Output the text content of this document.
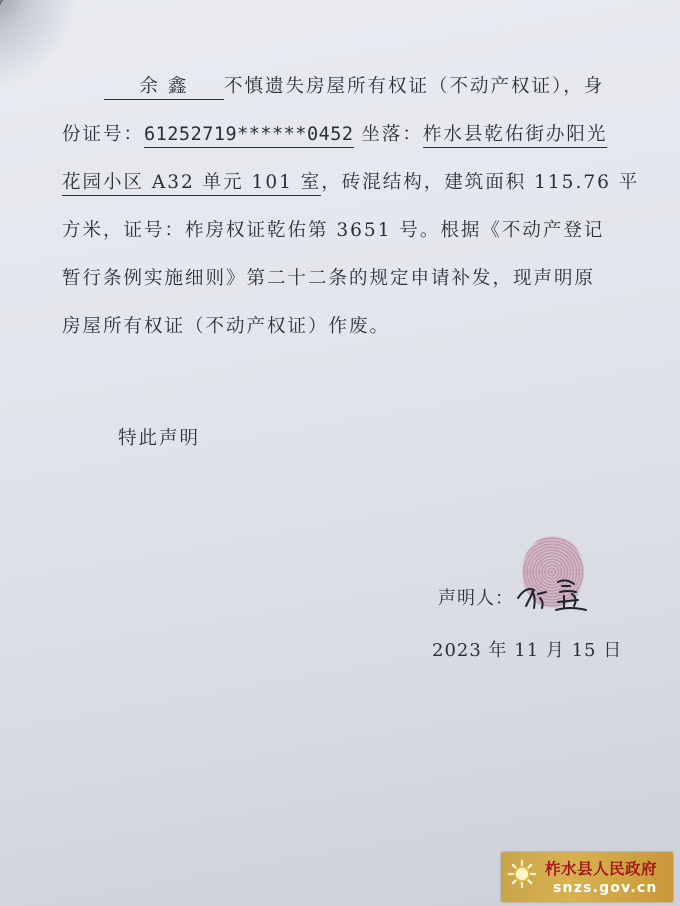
余 鑫 不慎遗失房屋所有权证（不动产权证），身
份证号：61252719******0452 坐落：柞水县乾佑街办阳光
花园小区 A32 单元 101 室，砖混结构，建筑面积 115.76 平
方米，证号：柞房权证乾佑第 3651 号。根据《不动产登记
暂行条例实施细则》第二十二条的规定申请补发，现声明原
房屋所有权证（不动产权证）作废。
特此声明
声明人：
2023 年 11 月 15 日
柞水县人民政府
snzs.gov.cn
